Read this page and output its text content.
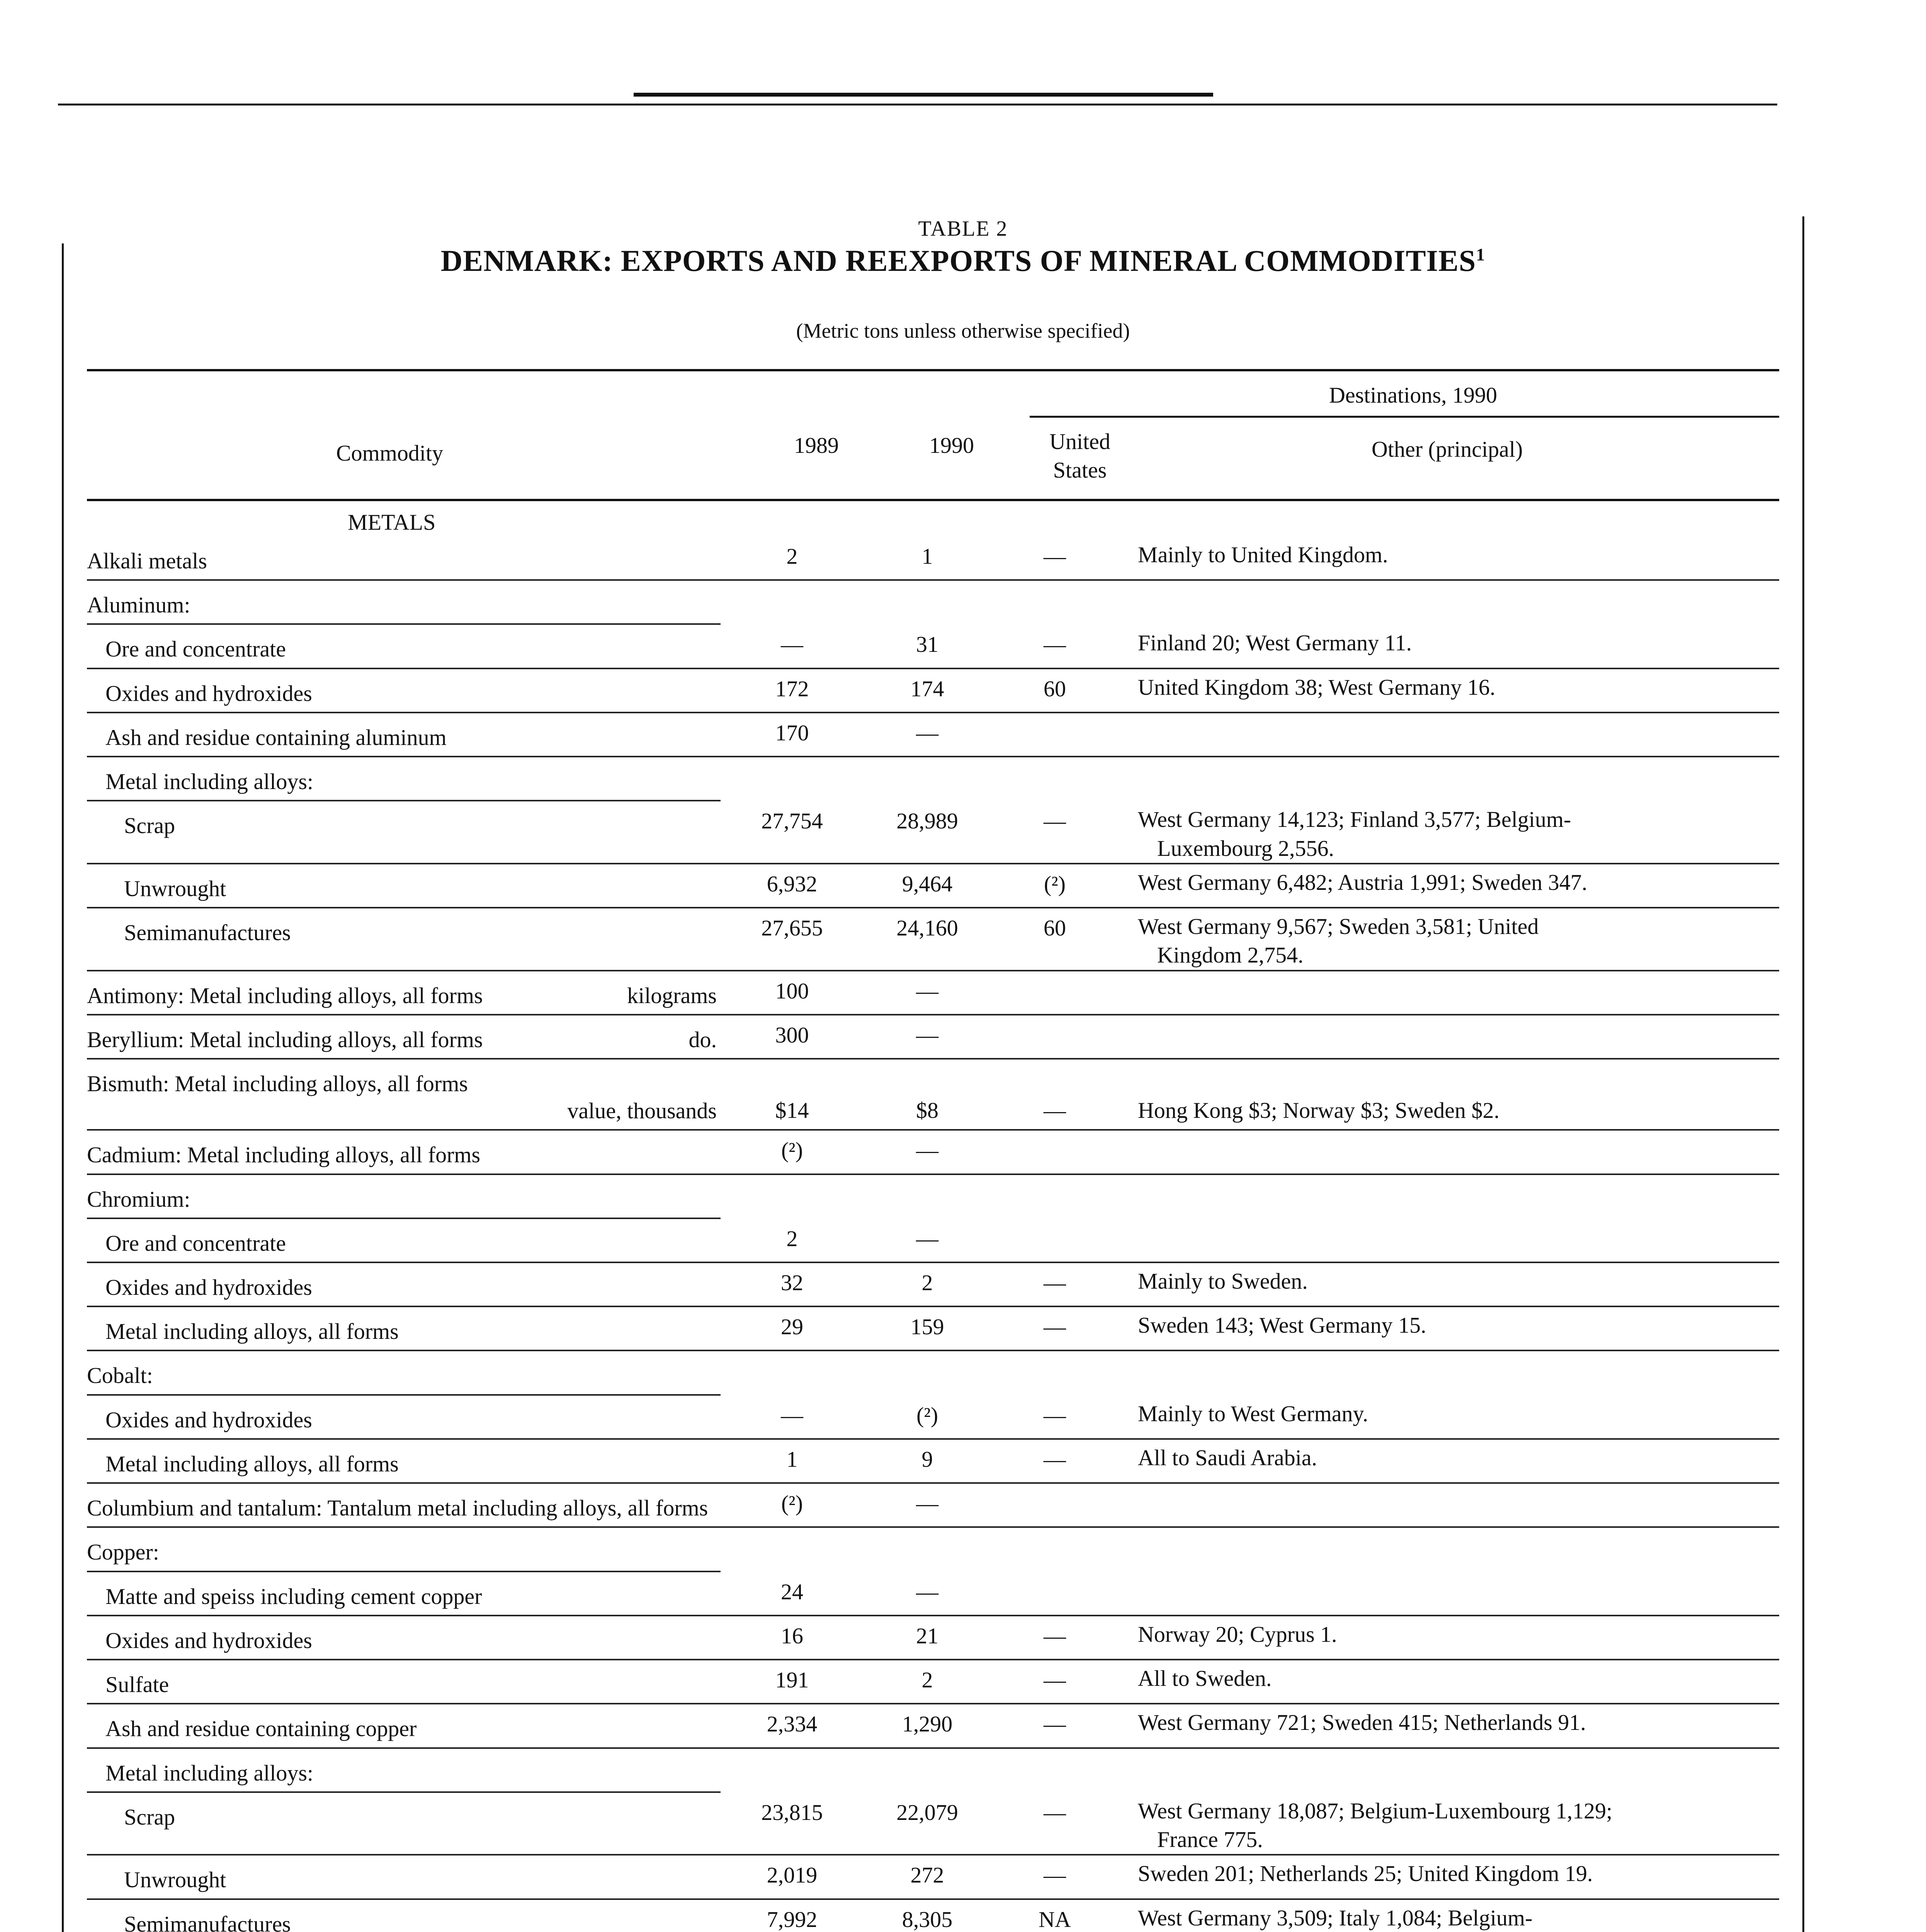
TABLE 2
DENMARK: EXPORTS AND REEXPORTS OF MINERAL COMMODITIES$^1$
(Metric tons unless otherwise specified)
Commodity	1989	1990
Destinations, 1990
United States
Other (principal)
METALS
Alkali metals	2	1	—	Mainly to United Kingdom.
Aluminum:
Ore and concentrate	—	31	—	Finland 20; West Germany 11.
Oxides and hydroxides	172	174	60	United Kingdom 38; West Germany 16.
Ash and residue containing aluminum	170	—
Metal including alloys:
Scrap	27,754	28,989	—	West Germany 14,123; Finland 3,577; Belgium-
Luxembourg 2,556.
Unwrought	6,932	9,464	(²)	West Germany 6,482; Austria 1,991; Sweden 347.
Semimanufactures	27,655	24,160	60	West Germany 9,567; Sweden 3,581; United
Kingdom 2,754.
Antimony: Metal including alloys, all forms	kilograms	100	—
Beryllium: Metal including alloys, all forms	do.	300	—
Bismuth: Metal including alloys, all forms
value, thousands	$14	$8	—	Hong Kong $3; Norway $3; Sweden $2.
Cadmium: Metal including alloys, all forms	(²)	—
Chromium:
Ore and concentrate	2	—
Oxides and hydroxides	32	2	—	Mainly to Sweden.
Metal including alloys, all forms	29	159	—	Sweden 143; West Germany 15.
Cobalt:
Oxides and hydroxides	—	(²)	—	Mainly to West Germany.
Metal including alloys, all forms	1	9	—	All to Saudi Arabia.
Columbium and tantalum: Tantalum metal including alloys, all forms	(²)	—
Copper:
Matte and speiss including cement copper	24	—
Oxides and hydroxides	16	21	—	Norway 20; Cyprus 1.
Sulfate	191	2	—	All to Sweden.
Ash and residue containing copper	2,334	1,290	—	West Germany 721; Sweden 415; Netherlands 91.
Metal including alloys:
Scrap	23,815	22,079	—	West Germany 18,087; Belgium-Luxembourg 1,129;
France 775.
Unwrought	2,019	272	—	Sweden 201; Netherlands 25; United Kingdom 19.
Semimanufactures	7,992	8,305	NA	West Germany 3,509; Italy 1,084; Belgium-
